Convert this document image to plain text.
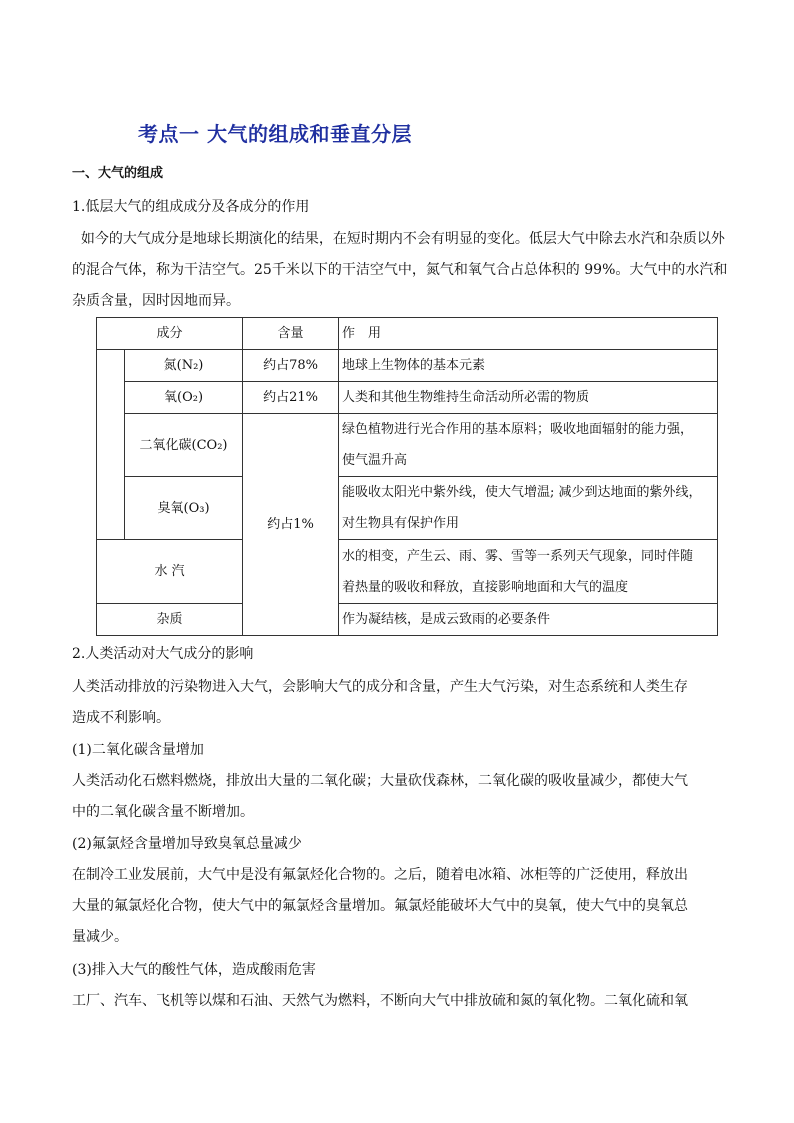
考点一 大气的组成和垂直分层
一、大气的组成
1.低层大气的组成成分及各成分的作用
如今的大气成分是地球长期演化的结果，在短时期内不会有明显的变化。低层大气中除去水汽和杂质以外
的混合气体，称为干洁空气。25千米以下的干洁空气中，氮气和氧气合占总体积的 99%。大气中的水汽和
杂质含量，因时因地而异。
成分		含量	作　用
	氮(N₂)	约占78%	地球上生物体的基本元素
	氧(O₂)	约占21%	人类和其他生物维持生命活动所必需的物质
	二氧化碳(CO₂)	约占1%	绿色植物进行光合作用的基本原料；吸收地面辐射的能力强，
使气温升高

	臭氧(O₃)		能吸收太阳光中紫外线，使大气增温; 减少到达地面的紫外线，
对生物具有保护作用

水 汽			水的相变，产生云、雨、雾、雪等一系列天气现象，同时伴随
着热量的吸收和释放，直接影响地面和大气的温度

杂质			作为凝结核，是成云致雨的必要条件
2.人类活动对大气成分的影响
人类活动排放的污染物进入大气，会影响大气的成分和含量，产生大气污染，对生态系统和人类生存
造成不利影响。
(1)二氧化碳含量增加
人类活动化石燃料燃烧，排放出大量的二氧化碳；大量砍伐森林，二氧化碳的吸收量减少，都使大气
中的二氧化碳含量不断增加。
(2)氟氯烃含量增加导致臭氧总量减少
在制冷工业发展前，大气中是没有氟氯烃化合物的。之后，随着电冰箱、冰柜等的广泛使用，释放出
大量的氟氯烃化合物，使大气中的氟氯烃含量增加。氟氯烃能破坏大气中的臭氧，使大气中的臭氧总
量减少。
(3)排入大气的酸性气体，造成酸雨危害
工厂、汽车、飞机等以煤和石油、天然气为燃料，不断向大气中排放硫和氮的氧化物。二氧化硫和氧
